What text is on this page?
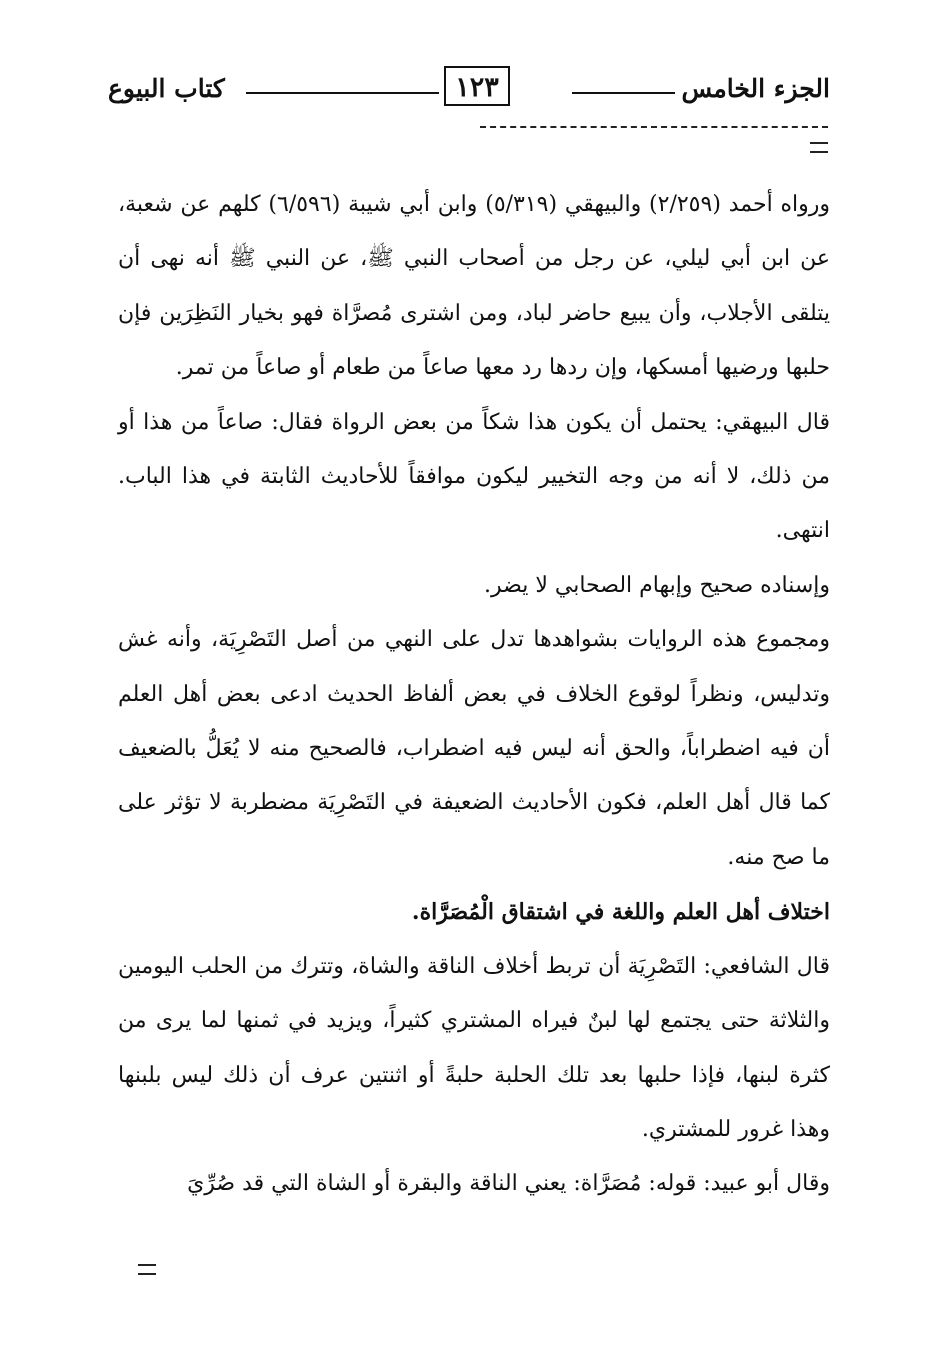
الجزء الخامس
١٢٣
كتاب البيوع

ورواه أحمد (٢/٢٥٩) والبيهقي (٥/٣١٩) وابن أبي شيبة (٦/٥٩٦) كلهم عن شعبة، عن ابن أبي ليلي، عن رجل من أصحاب النبي ﷺ، عن النبي ﷺ أنه نهى أن يتلقى الأجلاب، وأن يبيع حاضر لباد، ومن اشترى مُصرَّاة فهو بخيار النَظِرَين فإن حلبها ورضيها أمسكها، وإن ردها رد معها صاعاً من طعام أو صاعاً من تمر.

قال البيهقي: يحتمل أن يكون هذا شكاً من بعض الرواة فقال: صاعاً من هذا أو من ذلك، لا أنه من وجه التخيير ليكون موافقاً للأحاديث الثابتة في هذا الباب. انتهى.

وإسناده صحيح وإبهام الصحابي لا يضر.

ومجموع هذه الروايات بشواهدها تدل على النهي من أصل التَصْرِيَة، وأنه غش وتدليس، ونظراً لوقوع الخلاف في بعض ألفاظ الحديث ادعى بعض أهل العلم أن فيه اضطراباً، والحق أنه ليس فيه اضطراب، فالصحيح منه لا يُعَلُّ بالضعيف كما قال أهل العلم، فكون الأحاديث الضعيفة في التَصْرِيَة مضطربة لا تؤثر على ما صح منه.

اختلاف أهل العلم واللغة في اشتقاق الْمُصَرَّاة.

قال الشافعي: التَصْرِيَة أن تربط أخلاف الناقة والشاة، وتترك من الحلب اليومين والثلاثة حتى يجتمع لها لبنٌ فيراه المشتري كثيراً، ويزيد في ثمنها لما يرى من كثرة لبنها، فإذا حلبها بعد تلك الحلبة حلبةً أو اثنتين عرف أن ذلك ليس بلبنها وهذا غرور للمشتري.

وقال أبو عبيد: قوله: مُصَرَّاة: يعني الناقة والبقرة أو الشاة التي قد صُرِّيَ
